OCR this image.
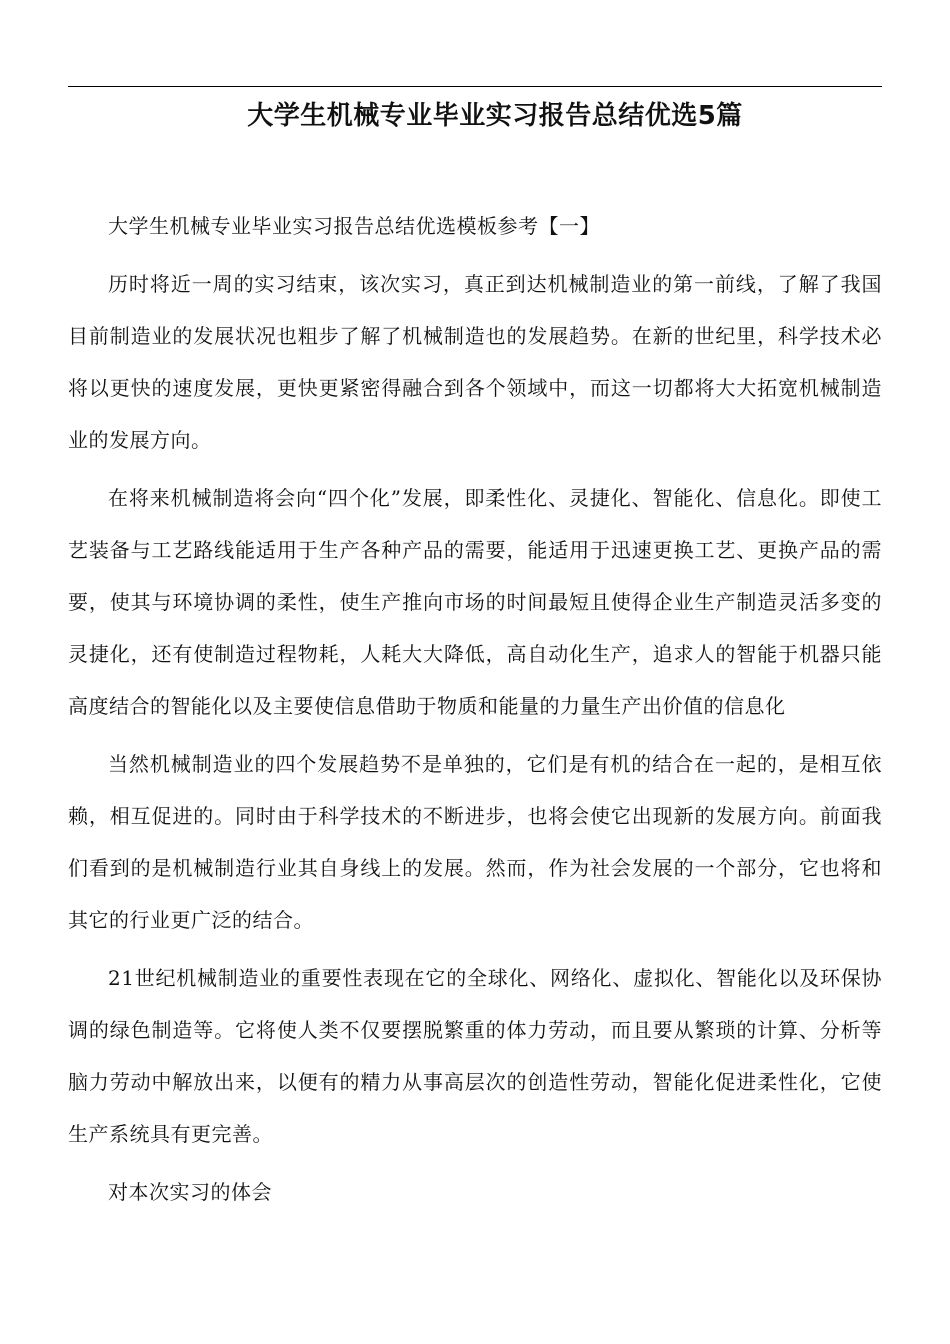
大学生机械专业毕业实习报告总结优选5篇

大学生机械专业毕业实习报告总结优选模板参考【一】

历时将近一周的实习结束，该次实习，真正到达机械制造业的第一前线，了解了我国目前制造业的发展状况也粗步了解了机械制造也的发展趋势。在新的世纪里，科学技术必将以更快的速度发展，更快更紧密得融合到各个领域中，而这一切都将大大拓宽机械制造业的发展方向。

在将来机械制造将会向“四个化”发展，即柔性化、灵捷化、智能化、信息化。即使工艺装备与工艺路线能适用于生产各种产品的需要，能适用于迅速更换工艺、更换产品的需要，使其与环境协调的柔性，使生产推向市场的时间最短且使得企业生产制造灵活多变的灵捷化，还有使制造过程物耗，人耗大大降低，高自动化生产，追求人的智能于机器只能高度结合的智能化以及主要使信息借助于物质和能量的力量生产出价值的信息化

当然机械制造业的四个发展趋势不是单独的，它们是有机的结合在一起的，是相互依赖，相互促进的。同时由于科学技术的不断进步，也将会使它出现新的发展方向。前面我们看到的是机械制造行业其自身线上的发展。然而，作为社会发展的一个部分，它也将和其它的行业更广泛的结合。

21世纪机械制造业的重要性表现在它的全球化、网络化、虚拟化、智能化以及环保协调的绿色制造等。它将使人类不仅要摆脱繁重的体力劳动，而且要从繁琐的计算、分析等脑力劳动中解放出来，以便有的精力从事高层次的创造性劳动，智能化促进柔性化，它使生产系统具有更完善。

对本次实习的体会
